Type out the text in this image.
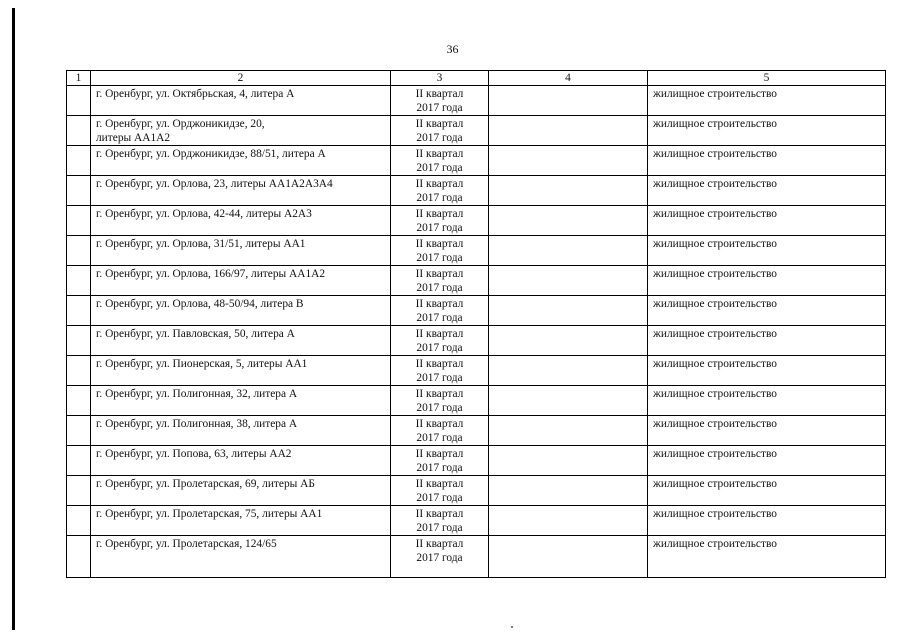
36
1	2	3	4	5

	г. Оренбург, ул. Октябрьская, 4, литера А	II квартал
2017 года		жилищное строительство

	г. Оренбург, ул. Орджоникидзе, 20,
литеры АА1А2	II квартал
2017 года		жилищное строительство

	г. Оренбург, ул. Орджоникидзе, 88/51, литера А	II квартал
2017 года		жилищное строительство

	г. Оренбург, ул. Орлова, 23, литеры АА1А2А3А4	II квартал
2017 года		жилищное строительство

	г. Оренбург, ул. Орлова, 42-44, литеры А2А3	II квартал
2017 года		жилищное строительство

	г. Оренбург, ул. Орлова, 31/51, литеры АА1	II квартал
2017 года		жилищное строительство

	г. Оренбург, ул. Орлова, 166/97, литеры АА1А2	II квартал
2017 года		жилищное строительство

	г. Оренбург, ул. Орлова, 48-50/94, литера В	II квартал
2017 года		жилищное строительство

	г. Оренбург, ул. Павловская, 50, литера А	II квартал
2017 года		жилищное строительство

	г. Оренбург, ул. Пионерская, 5, литеры АА1	II квартал
2017 года		жилищное строительство

	г. Оренбург, ул. Полигонная, 32, литера А	II квартал
2017 года		жилищное строительство

	г. Оренбург, ул. Полигонная, 38, литера А	II квартал
2017 года		жилищное строительство

	г. Оренбург, ул. Попова, 63, литеры АА2	II квартал
2017 года		жилищное строительство

	г. Оренбург, ул. Пролетарская, 69, литеры АБ	II квартал
2017 года		жилищное строительство

	г. Оренбург, ул. Пролетарская, 75, литеры АА1	II квартал
2017 года		жилищное строительство

	г. Оренбург, ул. Пролетарская, 124/65	II квартал
2017 года		жилищное строительство
